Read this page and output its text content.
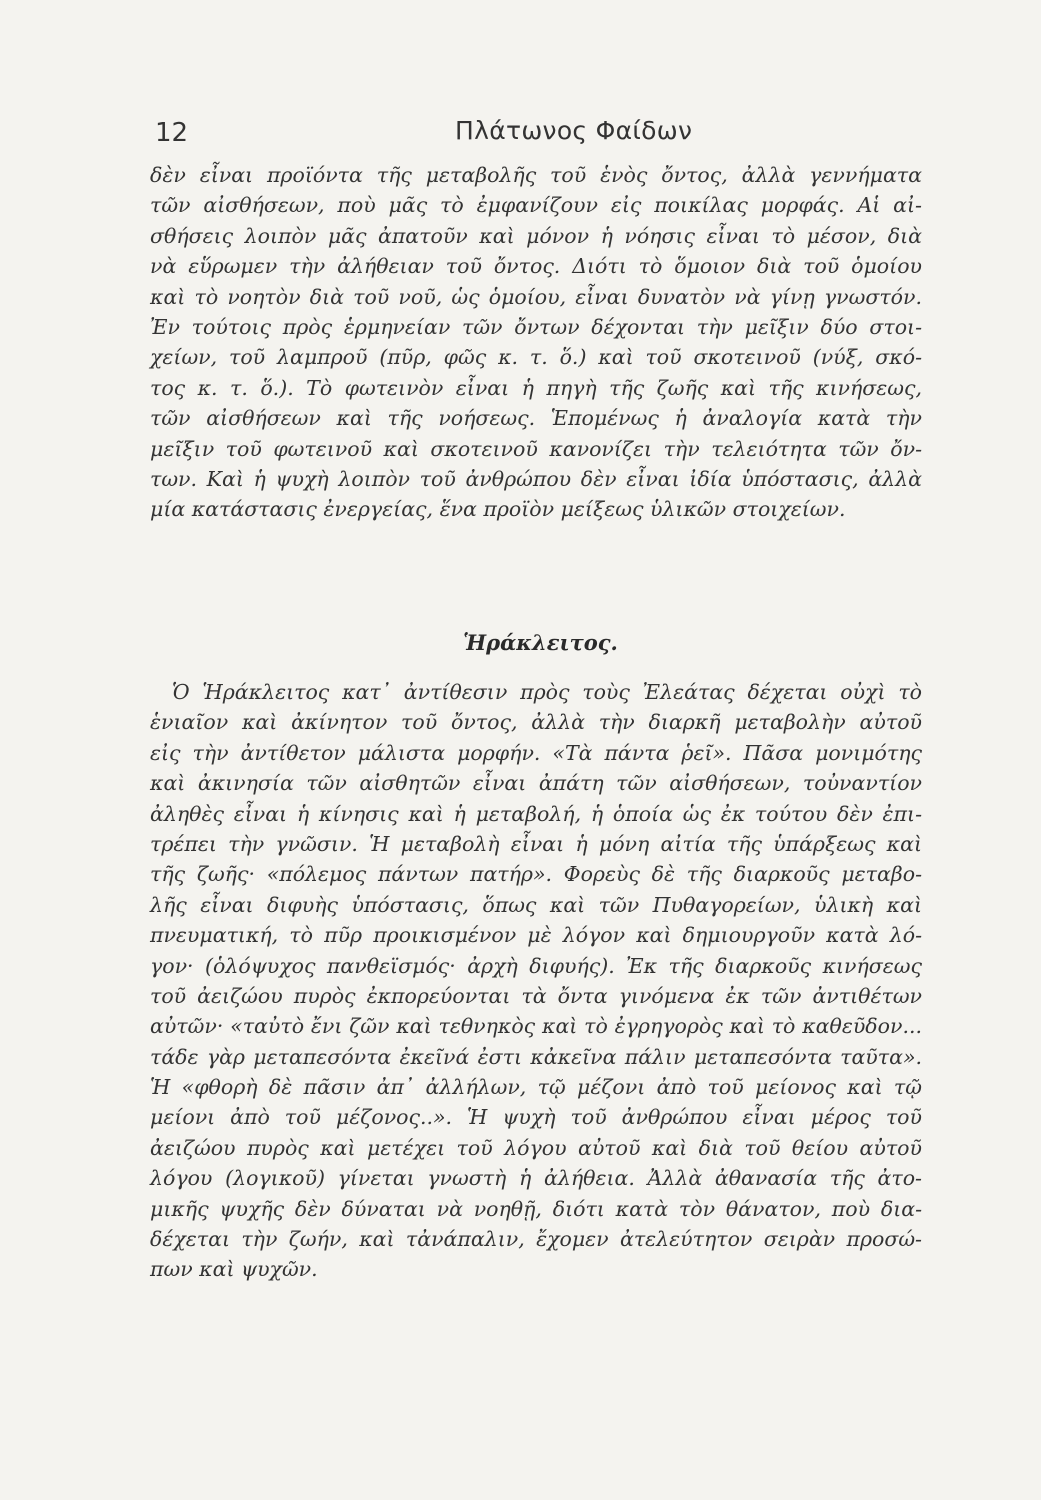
12	Πλάτωνος Φαίδων
δὲν εἶναι προϊόντα τῆς μεταβολῆς τοῦ ἑνὸς ὄντος, ἀλλὰ γεννήματα
τῶν αἰσθήσεων, ποὺ μᾶς τὸ ἐμφανίζουν εἰς ποικίλας μορφάς. Αἱ αἰ-
σθήσεις λοιπὸν μᾶς ἀπατοῦν καὶ μόνον ἡ νόησις εἶναι τὸ μέσον, διὰ
νὰ εὕρωμεν τὴν ἀλήθειαν τοῦ ὄντος. Διότι τὸ ὅμοιον διὰ τοῦ ὁμοίου
καὶ τὸ νοητὸν διὰ τοῦ νοῦ, ὡς ὁμοίου, εἶναι δυνατὸν νὰ γίνῃ γνωστόν.
Ἐν τούτοις πρὸς ἑρμηνείαν τῶν ὄντων δέχονται τὴν μεῖξιν δύο στοι-
χείων, τοῦ λαμπροῦ (πῦρ, φῶς κ. τ. ὅ.) καὶ τοῦ σκοτεινοῦ (νύξ, σκό-
τος κ. τ. ὅ.). Τὸ φωτεινὸν εἶναι ἡ πηγὴ τῆς ζωῆς καὶ τῆς κινήσεως,
τῶν αἰσθήσεων καὶ τῆς νοήσεως. Ἑπομένως ἡ ἀναλογία κατὰ τὴν
μεῖξιν τοῦ φωτεινοῦ καὶ σκοτεινοῦ κανονίζει τὴν τελειότητα τῶν ὄν-
των. Καὶ ἡ ψυχὴ λοιπὸν τοῦ ἀνθρώπου δὲν εἶναι ἰδία ὑπόστασις, ἀλλὰ
μία κατάστασις ἐνεργείας, ἕνα προϊὸν μείξεως ὑλικῶν στοιχείων.
Ἡράκλειτος.
Ὁ Ἡράκλειτος κατ᾽ ἀντίθεσιν πρὸς τοὺς Ἐλεάτας δέχεται οὐχὶ τὸ
ἑνιαῖον καὶ ἀκίνητον τοῦ ὄντος, ἀλλὰ τὴν διαρκῆ μεταβολὴν αὐτοῦ
εἰς τὴν ἀντίθετον μάλιστα μορφήν. «Τὰ πάντα ῥεῖ». Πᾶσα μονιμότης
καὶ ἀκινησία τῶν αἰσθητῶν εἶναι ἀπάτη τῶν αἰσθήσεων, τοὐναντίον
ἀληθὲς εἶναι ἡ κίνησις καὶ ἡ μεταβολή, ἡ ὁποία ὡς ἐκ τούτου δὲν ἐπι-
τρέπει τὴν γνῶσιν. Ἡ μεταβολὴ εἶναι ἡ μόνη αἰτία τῆς ὑπάρξεως καὶ
τῆς ζωῆς· «πόλεμος πάντων πατήρ». Φορεὺς δὲ τῆς διαρκοῦς μεταβο-
λῆς εἶναι διφυὴς ὑπόστασις, ὅπως καὶ τῶν Πυθαγορείων, ὑλικὴ καὶ
πνευματική, τὸ πῦρ προικισμένον μὲ λόγον καὶ δημιουργοῦν κατὰ λό-
γον· (ὁλόψυχος πανθεϊσμός· ἀρχὴ διφυής). Ἐκ τῆς διαρκοῦς κινήσεως
τοῦ ἀειζώου πυρὸς ἐκπορεύονται τὰ ὄντα γινόμενα ἐκ τῶν ἀντιθέτων
αὐτῶν· «ταὐτὸ ἔνι ζῶν καὶ τεθνηκὸς καὶ τὸ ἐγρηγορὸς καὶ τὸ καθεῦδον...
τάδε γὰρ μεταπεσόντα ἐκεῖνά ἐστι κἀκεῖνα πάλιν μεταπεσόντα ταῦτα».
Ἡ «φθορὴ δὲ πᾶσιν ἀπ᾽ ἀλλήλων, τῷ μέζονι ἀπὸ τοῦ μείονος καὶ τῷ
μείονι ἀπὸ τοῦ μέζονος..». Ἡ ψυχὴ τοῦ ἀνθρώπου εἶναι μέρος τοῦ
ἀειζώου πυρὸς καὶ μετέχει τοῦ λόγου αὐτοῦ καὶ διὰ τοῦ θείου αὐτοῦ
λόγου (λογικοῦ) γίνεται γνωστὴ ἡ ἀλήθεια. Ἀλλὰ ἀθανασία τῆς ἀτο-
μικῆς ψυχῆς δὲν δύναται νὰ νοηθῇ, διότι κατὰ τὸν θάνατον, ποὺ δια-
δέχεται τὴν ζωήν, καὶ τἀνάπαλιν, ἔχομεν ἀτελεύτητον σειρὰν προσώ-
πων καὶ ψυχῶν.
